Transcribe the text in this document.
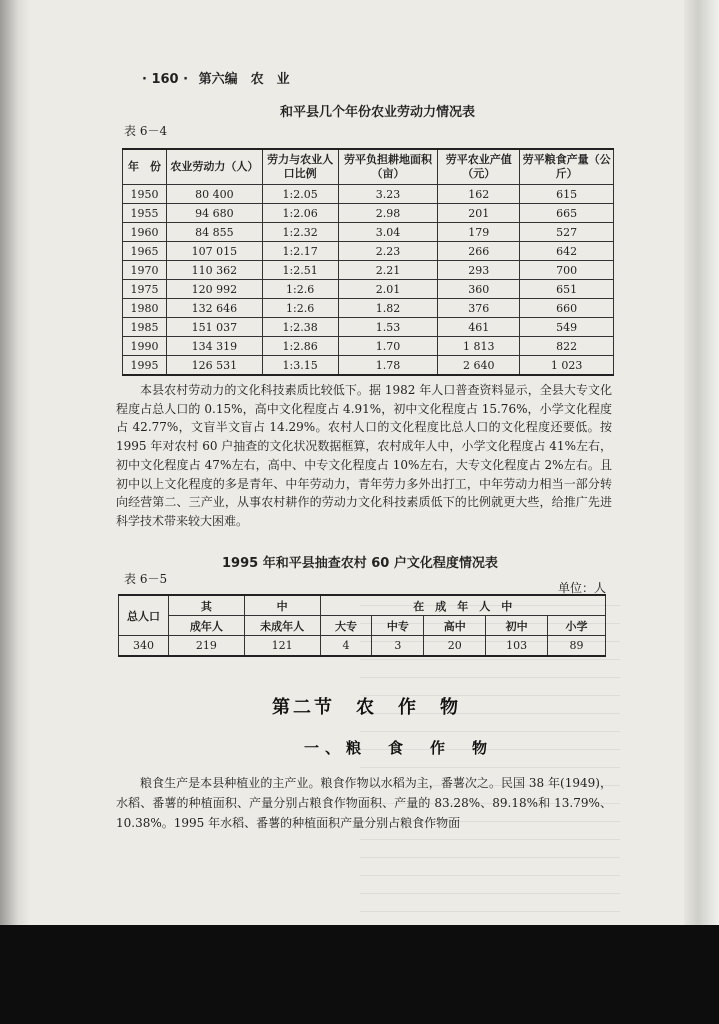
· 160 · 第六编　农　业
和平县几个年份农业劳动力情况表
表 6－4
年　份	农业劳动力（人）	劳力与农业人口比例	劳平负担耕地面积（亩）	劳平农业产值（元）	劳平粮食产量（公斤）
1950	80 400	1:2.05	3.23	162	615
1955	94 680	1:2.06	2.98	201	665
1960	84 855	1:2.32	3.04	179	527
1965	107 015	1:2.17	2.23	266	642
1970	110 362	1:2.51	2.21	293	700
1975	120 992	1:2.6	2.01	360	651
1980	132 646	1:2.6	1.82	376	660
1985	151 037	1:2.38	1.53	461	549
1990	134 319	1:2.86	1.70	1 813	822
1995	126 531	1:3.15	1.78	2 640	1 023

本县农村劳动力的文化科技素质比较低下。据 1982 年人口普查资料显示，全县大专文化程度占总人口的 0.15%，高中文化程度占 4.91%，初中文化程度占 15.76%，小学文化程度占 42.77%，文盲半文盲占 14.29%。农村人口的文化程度比总人口的文化程度还要低。按 1995 年对农村 60 户抽查的文化状况数据框算，农村成年人中，小学文化程度占 41%左右，初中文化程度占 47%左右，高中、中专文化程度占 10%左右，大专文化程度占 2%左右。且初中以上文化程度的多是青年、中年劳动力，青年劳力多外出打工，中年劳动力相当一部分转向经营第二、三产业，从事农村耕作的劳动力文化科技素质低下的比例就更大些，给推广先进科学技术带来较大困难。

1995 年和平县抽查农村 60 户文化程度情况表
表 6－5
单位：人
总人口	其	中	在　成　年　人　中				
	成年人	未成年人	大专	中专	高中	初中	小学
340	219	121	4	3	20	103	89
第二节　农　作　物
一、粮　食　作　物

粮食生产是本县种植业的主产业。粮食作物以水稻为主，番薯次之。民国 38 年(1949)，水稻、番薯的种植面积、产量分别占粮食作物面积、产量的 83.28%、89.18%和 13.79%、10.38%。1995 年水稻、番薯的种植面积产量分别占粮食作物面
